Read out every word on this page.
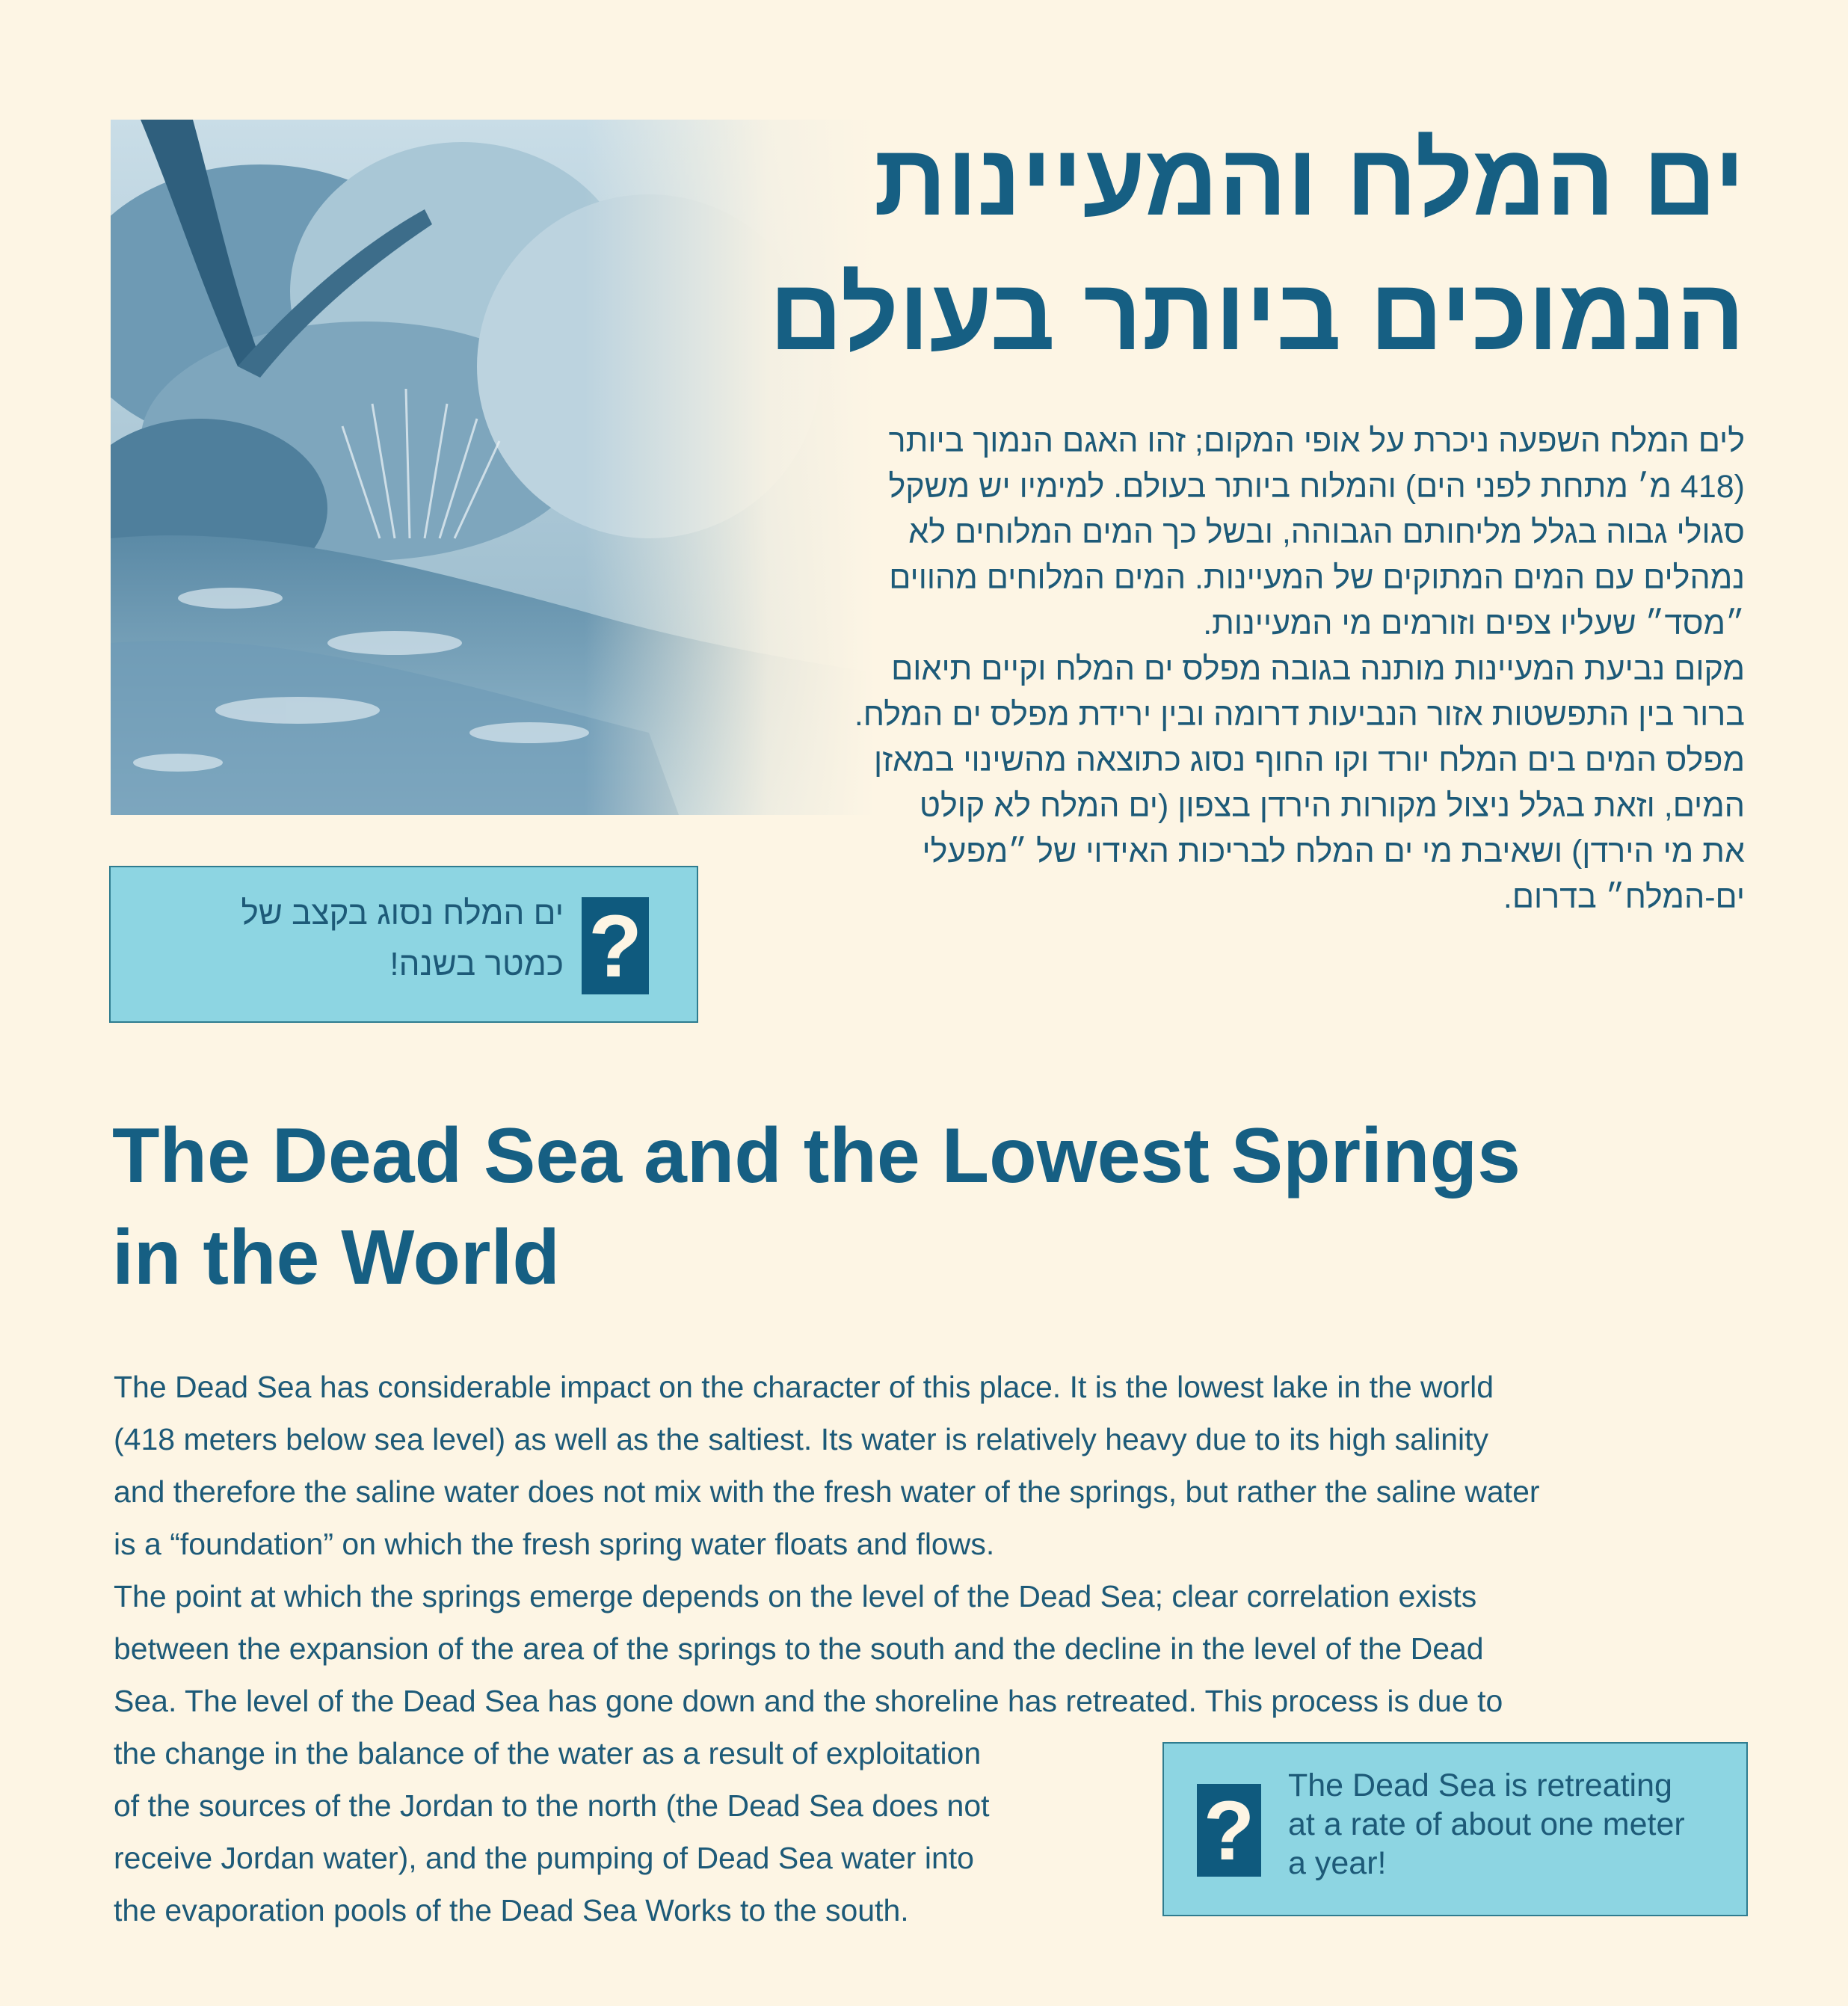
ים המלח והמעיינות
הנמוכים ביותר בעולם

לים המלח השפעה ניכרת על אופי המקום; זהו האגם הנמוך ביותר
(418 מ׳ מתחת לפני הים) והמלוח ביותר בעולם. למימיו יש משקל
סגולי גבוה בגלל מליחותם הגבוהה, ובשל כך המים המלוחים לא
נמהלים עם המים המתוקים של המעיינות. המים המלוחים מהווים
״מסד״ שעליו צפים וזורמים מי המעיינות.

מקום נביעת המעיינות מותנה בגובה מפלס ים המלח וקיים תיאום
ברור בין התפשטות אזור הנביעות דרומה ובין ירידת מפלס ים המלח.
מפלס המים בים המלח יורד וקו החוף נסוג כתוצאה מהשינוי במאזן
המים, וזאת בגלל ניצול מקורות הירדן בצפון (ים המלח לא קולט
את מי הירדן) ושאיבת מי ים המלח לבריכות האידוי של ״מפעלי
ים-המלח״ בדרום.

?
ים המלח נסוג בקצב של
כמטר בשנה!
The Dead Sea and the Lowest Springs
in the World
The Dead Sea has considerable impact on the character of this place. It is the lowest lake in the world
(418 meters below sea level) as well as the saltiest. Its water is relatively heavy due to its high salinity
and therefore the saline water does not mix with the fresh water of the springs, but rather the saline water
is a “foundation” on which the fresh spring water floats and flows.
The point at which the springs emerge depends on the level of the Dead Sea; clear correlation exists
between the expansion of the area of the springs to the south and the decline in the level of the Dead
Sea. The level of the Dead Sea has gone down and the shoreline has retreated. This process is due to
the change in the balance of the water as a result of exploitation
of the sources of the Jordan to the north (the Dead Sea does not
receive Jordan water), and the pumping of Dead Sea water into
the evaporation pools of the Dead Sea Works to the south.
? The Dead Sea is retreating
at a rate of about one meter
a year!
